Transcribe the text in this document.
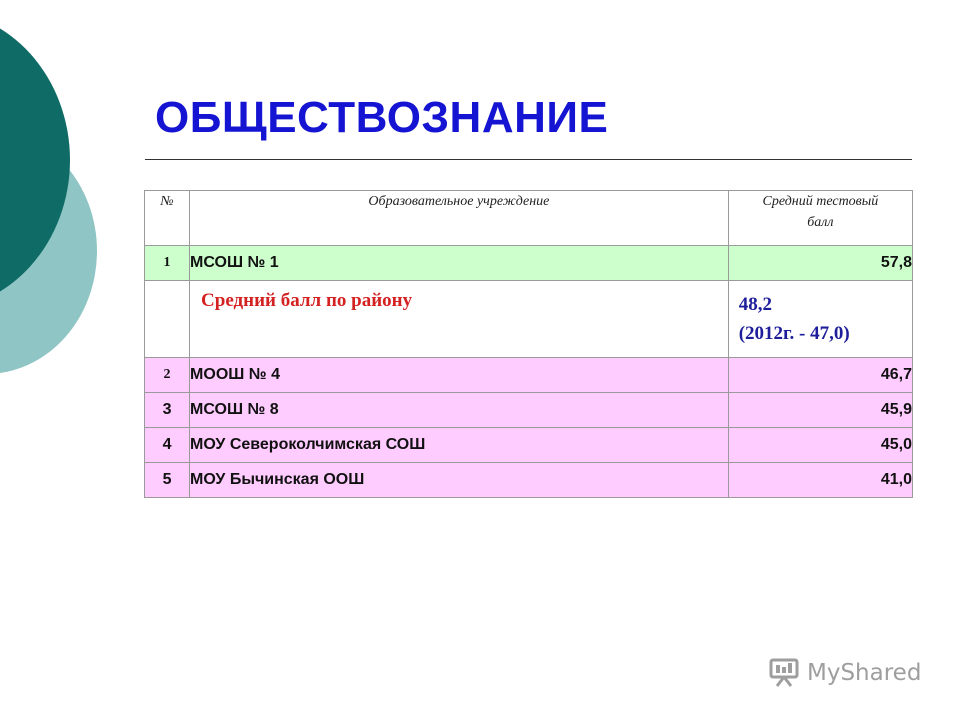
ОБЩЕСТВОЗНАНИЕ
№	Образовательное учреждение	Средний тестовый
балл
1	МСОШ № 1	57,8
	Средний балл по району	48,2
(2012г. - 47,0)
2	МООШ № 4	46,7
3	МСОШ № 8	45,9
4	МОУ Североколчимская СОШ	45,0
5	МОУ Бычинская ООШ	41,0
MyShared
